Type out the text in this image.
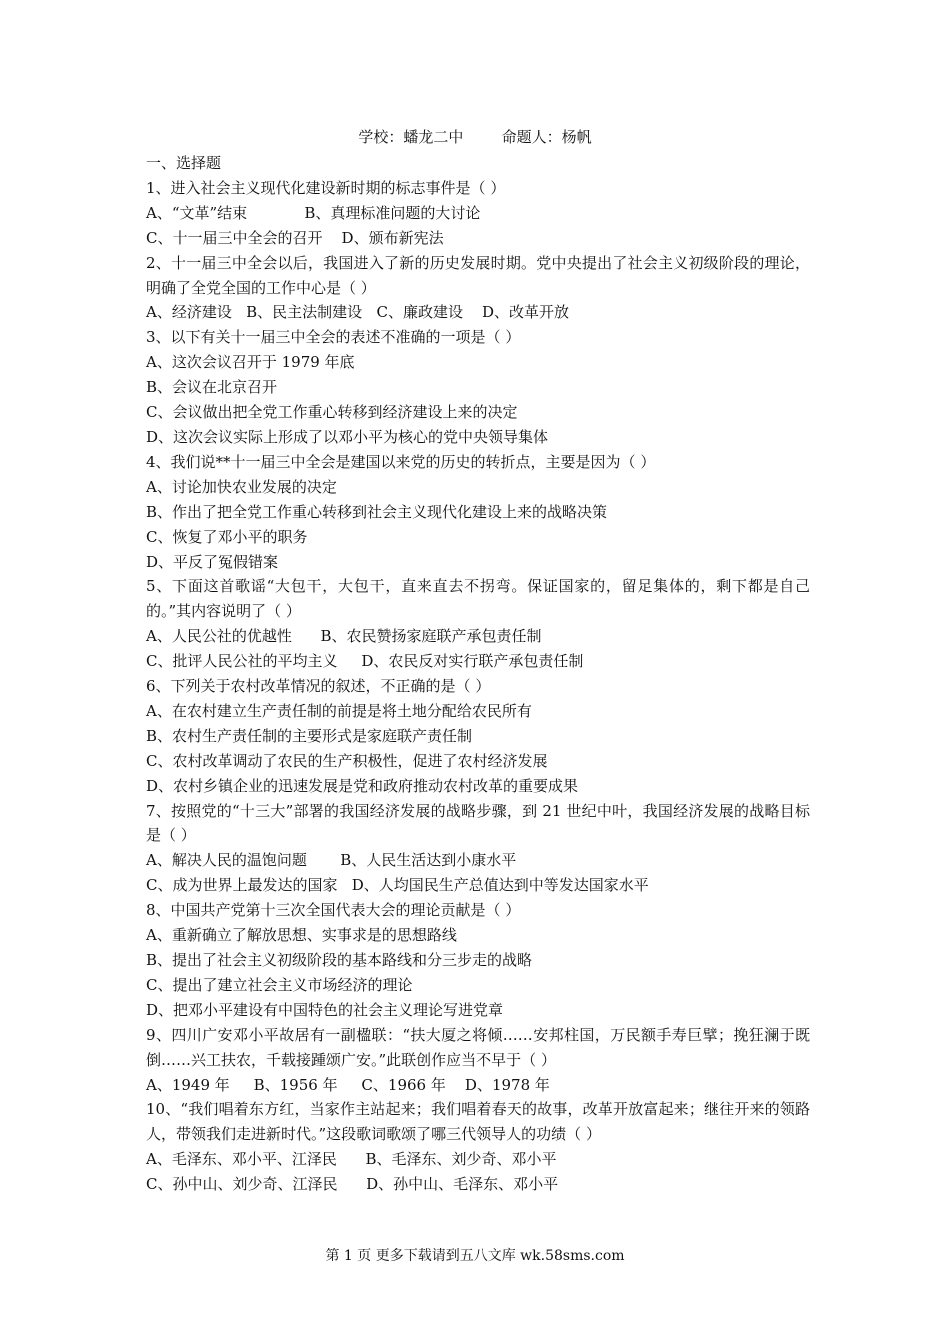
学校：蟠龙二中        命题人：杨帆

一、选择题

1、进入社会主义现代化建设新时期的标志事件是（ ）

A、“文革”结束            B、真理标准问题的大讨论

C、十一届三中全会的召开    D、颁布新宪法

2、十一届三中全会以后，我国进入了新的历史发展时期。党中央提出了社会主义初级阶段的理论，明确了全党全国的工作中心是（ ）

A、经济建设   B、民主法制建设   C、廉政建设    D、改革开放

3、以下有关十一届三中全会的表述不准确的一项是（ ）

A、这次会议召开于 1979 年底

B、会议在北京召开

C、会议做出把全党工作重心转移到经济建设上来的决定

D、这次会议实际上形成了以邓小平为核心的党中央领导集体

4、我们说**十一届三中全会是建国以来党的历史的转折点，主要是因为（ ）

A、讨论加快农业发展的决定

B、作出了把全党工作重心转移到社会主义现代化建设上来的战略决策

C、恢复了邓小平的职务

D、平反了冤假错案

5、下面这首歌谣“大包干，大包干，直来直去不拐弯。保证国家的，留足集体的，剩下都是自己的。”其内容说明了（ ）

A、人民公社的优越性      B、农民赞扬家庭联产承包责任制

C、批评人民公社的平均主义     D、农民反对实行联产承包责任制

6、下列关于农村改革情况的叙述，不正确的是（ ）

A、在农村建立生产责任制的前提是将土地分配给农民所有

B、农村生产责任制的主要形式是家庭联产责任制

C、农村改革调动了农民的生产积极性，促进了农村经济发展

D、农村乡镇企业的迅速发展是党和政府推动农村改革的重要成果

7、按照党的“十三大”部署的我国经济发展的战略步骤，到 21 世纪中叶，我国经济发展的战略目标是（ ）

A、解决人民的温饱问题       B、人民生活达到小康水平

C、成为世界上最发达的国家   D、人均国民生产总值达到中等发达国家水平

8、中国共产党第十三次全国代表大会的理论贡献是（ ）

A、重新确立了解放思想、实事求是的思想路线

B、提出了社会主义初级阶段的基本路线和分三步走的战略

C、提出了建立社会主义市场经济的理论

D、把邓小平建设有中国特色的社会主义理论写进党章

9、四川广安邓小平故居有一副楹联：“扶大厦之将倾……安邦柱国，万民额手寿巨擘；挽狂澜于既倒……兴工扶农，千载接踵颂广安。”此联创作应当不早于（ ）

A、1949 年     B、1956 年     C、1966 年    D、1978 年

10、“我们唱着东方红，当家作主站起来；我们唱着春天的故事，改革开放富起来；继往开来的领路人，带领我们走进新时代。”这段歌词歌颂了哪三代领导人的功绩（ ）

A、毛泽东、邓小平、江泽民      B、毛泽东、刘少奇、邓小平

C、孙中山、刘少奇、江泽民      D、孙中山、毛泽东、邓小平

第 1 页 更多下载请到五八文库 wk.58sms.com
